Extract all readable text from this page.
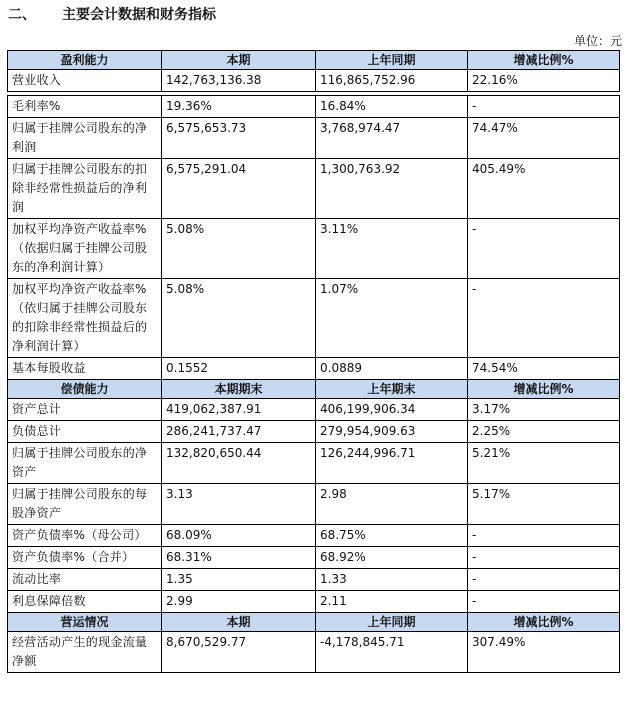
二、 主要会计数据和财务指标
单位：元
盈利能力	本期	上年同期	增减比例%
营业收入	142,763,136.38	116,865,752.96	22.16%

毛利率%	19.36%	16.84%	-
归属于挂牌公司股东的净利润	6,575,653.73	3,768,974.47	74.47%
归属于挂牌公司股东的扣除非经常性损益后的净利润	6,575,291.04	1,300,763.92	405.49%
加权平均净资产收益率%（依据归属于挂牌公司股东的净利润计算）	5.08%	3.11%	-
加权平均净资产收益率%（依归属于挂牌公司股东的扣除非经常性损益后的净利润计算）	5.08%	1.07%	-
基本每股收益	0.1552	0.0889	74.54%
偿债能力	本期期末	上年期末	增减比例%
资产总计	419,062,387.91	406,199,906.34	3.17%
负债总计	286,241,737.47	279,954,909.63	2.25%
归属于挂牌公司股东的净资产	132,820,650.44	126,244,996.71	5.21%
归属于挂牌公司股东的每股净资产	3.13	2.98	5.17%
资产负债率%（母公司）	68.09%	68.75%	-
资产负债率%（合并）	68.31%	68.92%	-
流动比率	1.35	1.33	-
利息保障倍数	2.99	2.11	-
营运情况	本期	上年同期	增减比例%
经营活动产生的现金流量净额	8,670,529.77	-4,178,845.71	307.49%
